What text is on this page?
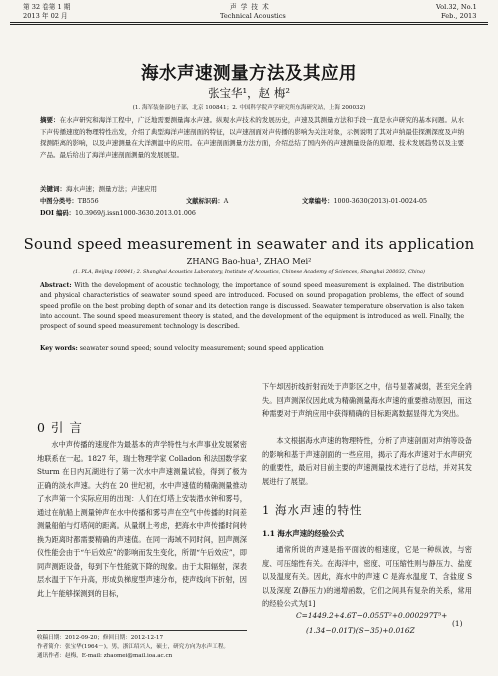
第 32 卷第 1 期	声 学 技 术	Vol.32, No.1
2013 年 02 月	Technical Acoustics	Feb., 2013
海水声速测量方法及其应用
张宝华¹，赵 梅²
(1. 海军装备部电子部，北京 100841；2. 中国科学院声学研究所东海研究站，上海 200032)
摘要：在水声研究和海洋工程中，广泛地需要测量海水声速。纵观水声技术的发展历史，声速及其测量方法和手段一直是水声研究的基本问题。从水下声传播速度的物理特性出发，介绍了典型海洋声速剖面的特征，以声速剖面对声传播的影响为关注对象，示例说明了其对声纳最佳探测深度及声纳探测距离的影响，以及声速测量在大洋测温中的应用。在声速剖面测量方法方面，介绍总结了国内外的声速测量设备的原理、技术发展趋势以及主要产品。最后给出了海洋声速剖面测量的发展展望。
关键词：海水声速；测量方法；声速应用
中图分类号：TB556	文献标识码：A	文章编号：1000-3630(2013)-01-0024-05
DOI 编码：10.3969/j.issn1000-3630.2013.01.006
Sound speed measurement in seawater and its application
ZHANG Bao-hua¹, ZHAO Mei²
(1. PLA, Beijing 100841; 2. Shanghai Acoustics Laboratory, Institute of Acoustics, Chinese Academy of Sciences, Shanghai 200032, China)
Abstract: With the development of acoustic technology, the importance of sound speed measurement is explained. The distribution and physical characteristics of seawater sound speed are introduced. Focused on sound propagation problems, the effect of sound speed profile on the best probing depth of sonar and its detection range is discussed. Seawater temperature observation is also taken into account. The sound speed measurement theory is stated, and the development of the equipment is introduced as well. Finally, the prospect of sound speed measurement technology is described.
Key words: seawater sound speed; sound velocity measurement; sound speed application
0 引 言
水中声传播的速度作为最基本的声学特性与水声事业发展紧密地联系在一起。1827 年，瑞士物理学家 Colladon 和法国数学家 Sturm 在日内瓦湖进行了第一次水中声速测量试验，得到了极为正确的淡水声速。大约在 20 世纪初，水中声速值的精确测量推动了水声第一个实际应用的出现：人们在灯塔上安装潜水钟和雾号，通过在航船上测量钟声在水中传播和雾号声在空气中传播的时间差测量船舶与灯塔间的距离。从量纲上考虑，把海水中声传播时间转换为距离时都需要精确的声速值。在同一海域不同时间，回声测深仪性能会由于“午后效应”的影响而发生变化，所谓“午后效应”，即同声测距设备，每到下午性能就下降的现象。由于太阳辐射，深表层水温于下午升高，形成负梯度型声速分布，使声线向下折射，因此上午能够探测到的目标，
收稿日期：2012-09-20；修回日期：2012-12-17
作者简介：张宝华(1964－)，男，浙江绍兴人，硕士，研究方向为水声工程。
通讯作者：赵梅，E-mail: zhaomei@mail.ioa.ac.cn
下午却因折线折射而处于声影区之中，信号显著减弱，甚至完全消失。回声测深仪因此成为精确测量海水声速的重要推动原因，而这种需要对于声纳应用中获得精确的目标距离数据显得尤为突出。
本文根据海水声速的物理特性，分析了声速剖面对声纳等设备的影响和基于声速剖面的一些应用，揭示了海水声速对于水声研究的重要性，最后对目前主要的声速测量技术进行了总结，并对其发展进行了展望。
1 海水声速的特性
1.1 海水声速的经验公式
通常所说的声速是指平面波的相速度，它是一种纵波，与密度、可压缩性有关。在海洋中，密度、可压缩性则与静压力、盐度以及温度有关。因此，海水中的声速 C 是海水温度 T、含盐度 S 以及深度 Z(静压力)的递增函数，它们之间具有复杂的关系，常用的经验公式为[1]
C=1449.2+4.6T−0.055T²+0.000297T³+
(1.34−0.01T)(S−35)+0.016Z
(1)
